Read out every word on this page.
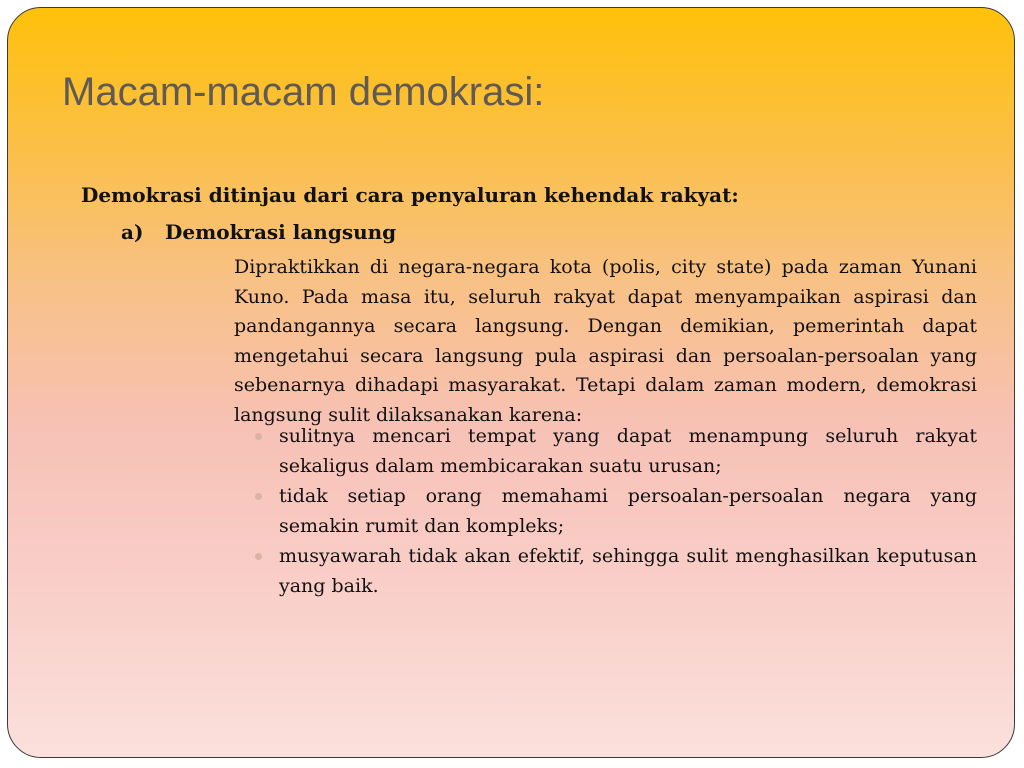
Macam-macam demokrasi:
Demokrasi ditinjau dari cara penyaluran kehendak rakyat:
a) Demokrasi langsung

Dipraktikkan di negara-negara kota (polis, city state) pada zaman Yunani Kuno. Pada masa itu, seluruh rakyat dapat menyampaikan aspirasi dan pandangannya secara langsung. Dengan demikian, pemerintah dapat mengetahui secara langsung pula aspirasi dan persoalan-persoalan yang sebenarnya dihadapi masyarakat. Tetapi dalam zaman modern, demokrasi langsung sulit dilaksanakan karena:

sulitnya mencari tempat yang dapat menampung seluruh rakyat sekaligus dalam membicarakan suatu urusan;
tidak setiap orang memahami persoalan-persoalan negara yang semakin rumit dan kompleks;
musyawarah tidak akan efektif, sehingga sulit menghasilkan keputusan yang baik.
